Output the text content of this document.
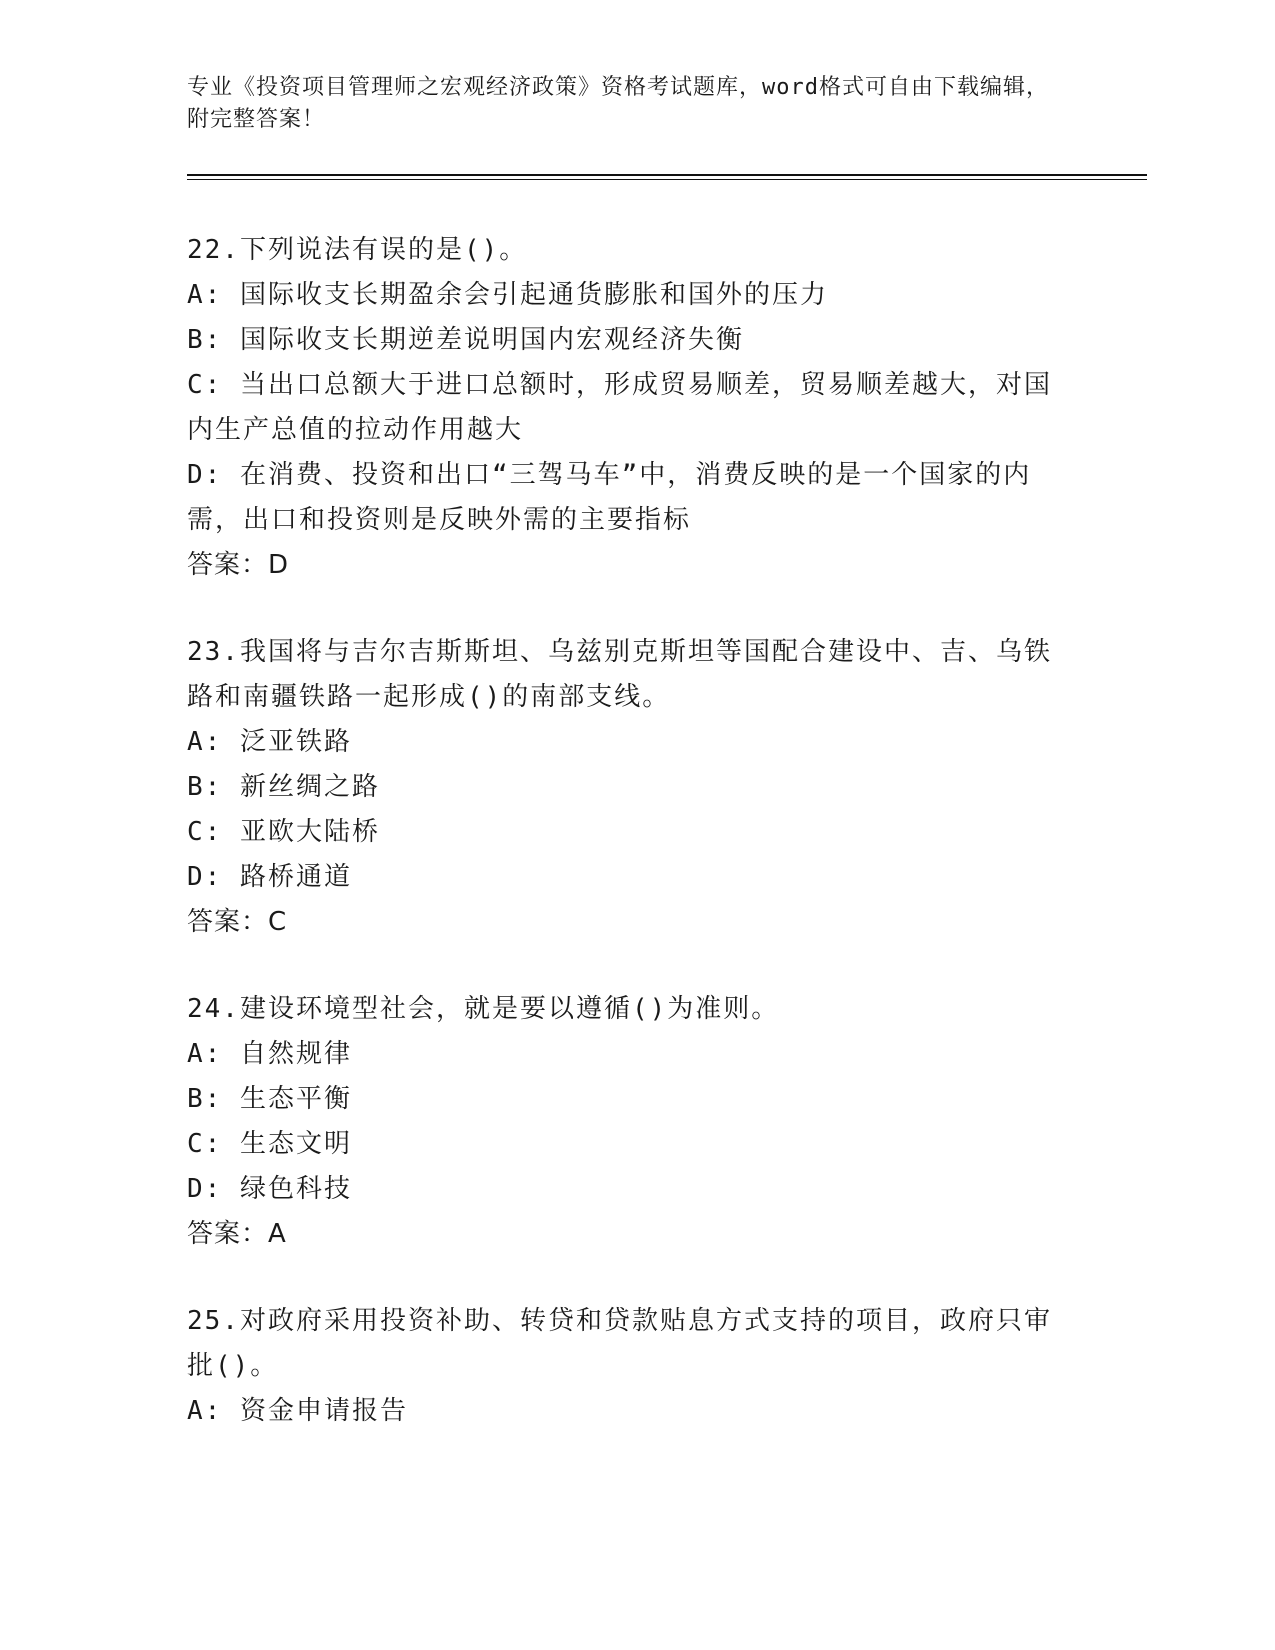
专业《投资项目管理师之宏观经济政策》资格考试题库，word格式可自由下载编辑，附完整答案！
22.下列说法有误的是()。
A: 国际收支长期盈余会引起通货膨胀和国外的压力
B: 国际收支长期逆差说明国内宏观经济失衡
C: 当出口总额大于进口总额时，形成贸易顺差，贸易顺差越大，对国内生产总值的拉动作用越大
D: 在消费、投资和出口“三驾马车”中，消费反映的是一个国家的内需，出口和投资则是反映外需的主要指标
答案：D
23.我国将与吉尔吉斯斯坦、乌兹别克斯坦等国配合建设中、吉、乌铁路和南疆铁路一起形成()的南部支线。
A: 泛亚铁路
B: 新丝绸之路
C: 亚欧大陆桥
D: 路桥通道
答案：C
24.建设环境型社会，就是要以遵循()为准则。
A: 自然规律
B: 生态平衡
C: 生态文明
D: 绿色科技
答案：A
25.对政府采用投资补助、转贷和贷款贴息方式支持的项目，政府只审批()。
A: 资金申请报告
